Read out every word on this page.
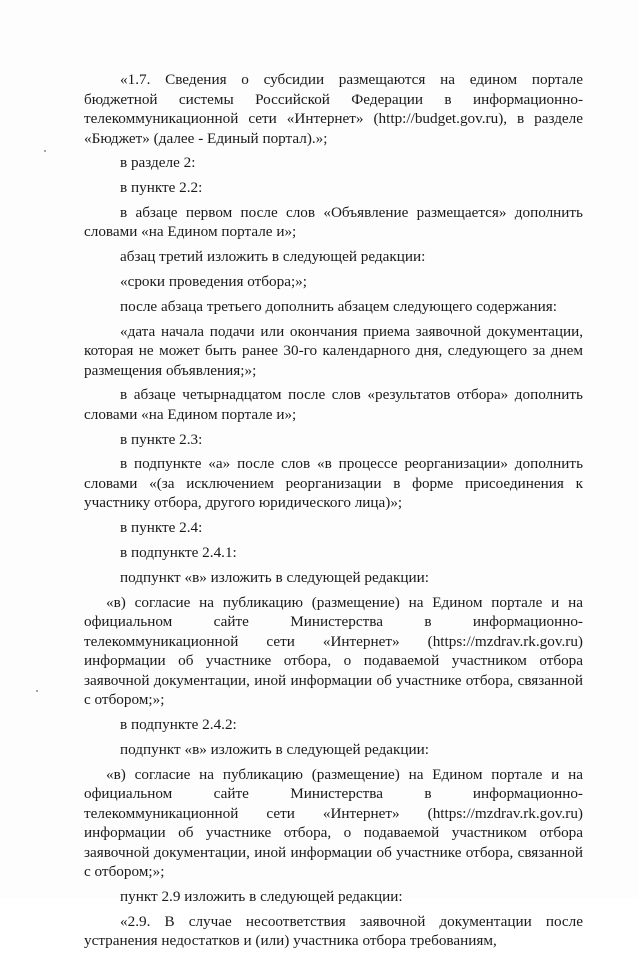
«1.7. Сведения о субсидии размещаются на едином портале бюджетной системы Российской Федерации в информационно-телекоммуникационной сети «Интернет» (http://budget.gov.ru), в разделе «Бюджет» (далее - Единый портал).»;

в разделе 2:

в пункте 2.2:

в абзаце первом после слов «Объявление размещается» дополнить словами «на Едином портале и»;

абзац третий изложить в следующей редакции:

«сроки проведения отбора;»;

после абзаца третьего дополнить абзацем следующего содержания:

«дата начала подачи или окончания приема заявочной документации, которая не может быть ранее 30-го календарного дня, следующего за днем размещения объявления;»;

в абзаце четырнадцатом после слов «результатов отбора» дополнить словами «на Едином портале и»;

в пункте 2.3:

в подпункте «а» после слов «в процессе реорганизации» дополнить словами «(за исключением реорганизации в форме присоединения к участнику отбора, другого юридического лица)»;

в пункте 2.4:

в подпункте 2.4.1:

подпункт «в» изложить в следующей редакции:

«в) согласие на публикацию (размещение) на Едином портале и на официальном сайте Министерства в информационно-телекоммуникационной сети «Интернет» (https://mzdrav.rk.gov.ru) информации об участнике отбора, о подаваемой участником отбора заявочной документации, иной информации об участнике отбора, связанной с отбором;»;

в подпункте 2.4.2:

подпункт «в» изложить в следующей редакции:

«в) согласие на публикацию (размещение) на Едином портале и на официальном сайте Министерства в информационно-телекоммуникационной сети «Интернет» (https://mzdrav.rk.gov.ru) информации об участнике отбора, о подаваемой участником отбора заявочной документации, иной информации об участнике отбора, связанной с отбором;»;

пункт 2.9 изложить в следующей редакции:

«2.9. В случае несоответствия заявочной документации после устранения недостатков и (или) участника отбора требованиям,
